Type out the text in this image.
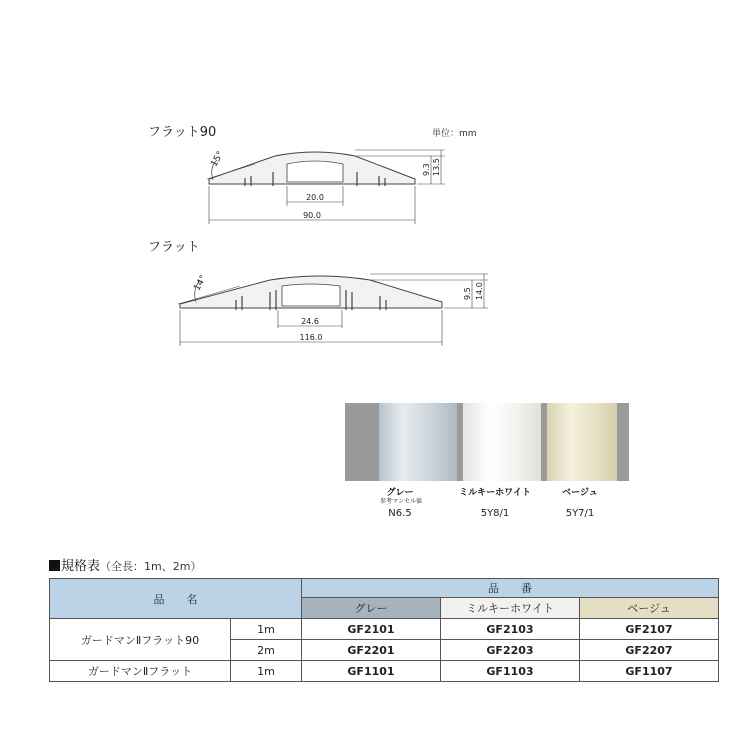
フラット90	単位：mm
15°
20.0
90.0
9.3 13.5
フラット
14°
24.6
116.0
9.5 14.0
グレー
参考マンセル値
N6.5
ミルキーホワイト
5Y8/1
ベージュ
5Y7/1
規格表（全長：1m、2m）
品　　名		品　　番		
		グレー	ミルキーホワイト	ベージュ
ガードマンⅡフラット90	1m	GF2101	GF2103	GF2107
	2m	GF2201	GF2203	GF2207
ガードマンⅡフラット	1m	GF1101	GF1103	GF1107
